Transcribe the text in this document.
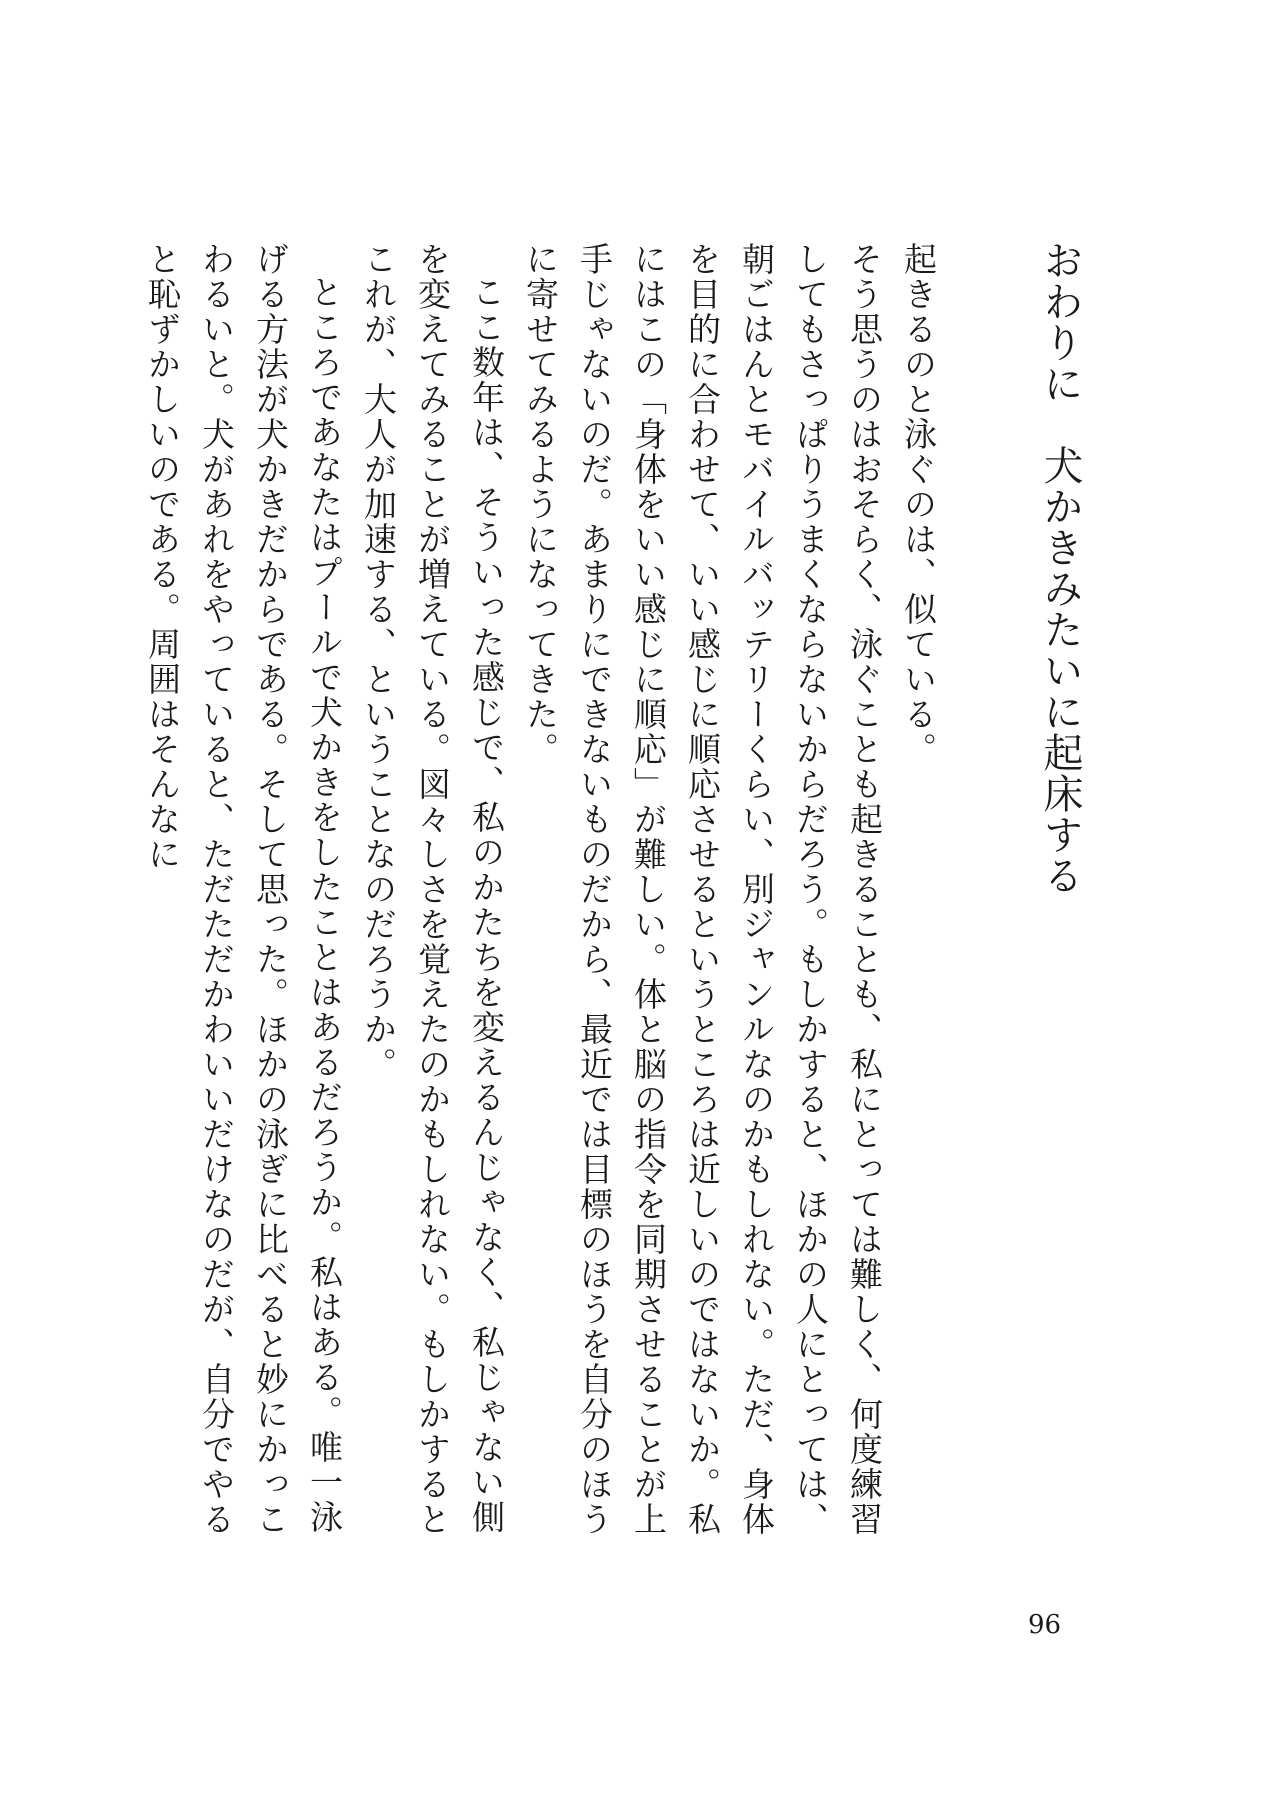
おわりに　犬かきみたいに起床する

起きるのと泳ぐのは、似ている。

そう思うのはおそらく、泳ぐことも起きることも、私にとっては難しく、何度練習してもさっぱりうまくならないからだろう。もしかすると、ほかの人にとっては、朝ごはんとモバイルバッテリーくらい、別ジャンルなのかもしれない。ただ、身体を目的に合わせて、いい感じに順応させるというところは近しいのではないか。私にはこの「身体をいい感じに順応」が難しい。体と脳の指令を同期させることが上手じゃないのだ。あまりにできないものだから、最近では目標のほうを自分のほうに寄せてみるようになってきた。

ここ数年は、そういった感じで、私のかたちを変えるんじゃなく、私じゃない側を変えてみることが増えている。図々しさを覚えたのかもしれない。もしかするとこれが、大人が加速する、ということなのだろうか。

ところであなたはプールで犬かきをしたことはあるだろうか。私はある。唯一泳げる方法が犬かきだからである。そして思った。ほかの泳ぎに比べると妙にかっこわるいと。犬があれをやっていると、ただただかわいいだけなのだが、自分でやると恥ずかしいのである。周囲はそんなに

96
